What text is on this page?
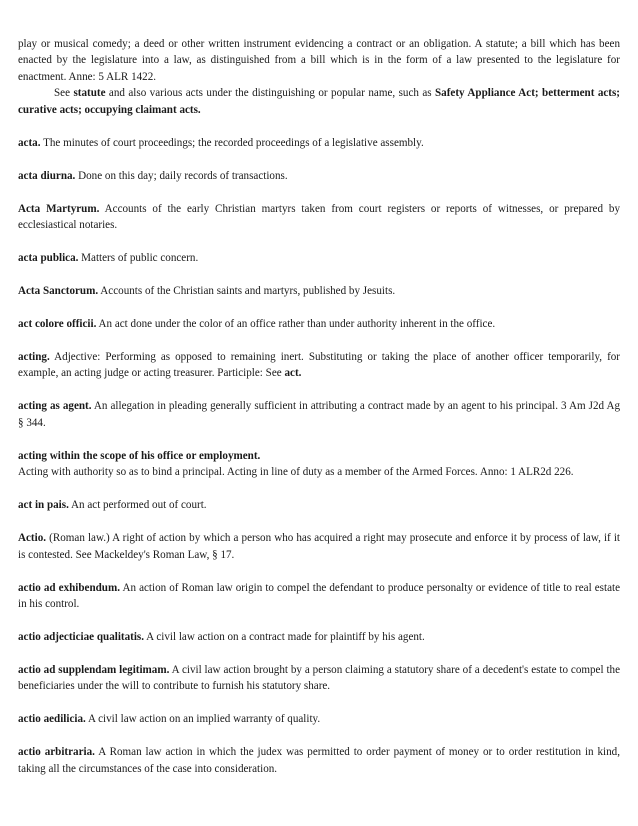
play or musical comedy; a deed or other written instrument evidencing a contract or an obligation. A statute; a bill which has been enacted by the legislature into a law, as distinguished from a bill which is in the form of a law presented to the legislature for enactment. Anne: 5 ALR 1422.

See statute and also various acts under the distinguishing or popular name, such as Safety Appliance Act; betterment acts; curative acts; occupying claimant acts.

acta. The minutes of court proceedings; the recorded proceedings of a legislative assembly.

acta diurna. Done on this day; daily records of transactions.

Acta Martyrum. Accounts of the early Christian martyrs taken from court registers or reports of witnesses, or prepared by ecclesiastical notaries.

acta publica. Matters of public concern.

Acta Sanctorum. Accounts of the Christian saints and martyrs, published by Jesuits.

act colore officii. An act done under the color of an office rather than under authority inherent in the office.

acting. Adjective: Performing as opposed to remaining inert. Substituting or taking the place of another officer temporarily, for example, an acting judge or acting treasurer. Participle: See act.

acting as agent. An allegation in pleading generally sufficient in attributing a contract made by an agent to his principal. 3 Am J2d Ag § 344.

acting within the scope of his office or employment.
Acting with authority so as to bind a principal. Acting in line of duty as a member of the Armed Forces. Anno: 1 ALR2d 226.

act in pais. An act performed out of court.

Actio. (Roman law.) A right of action by which a person who has acquired a right may prosecute and enforce it by process of law, if it is contested. See Mackeldey's Roman Law, § 17.

actio ad exhibendum. An action of Roman law origin to compel the defendant to produce personalty or evidence of title to real estate in his control.

actio adjecticiae qualitatis. A civil law action on a contract made for plaintiff by his agent.

actio ad supplendam legitimam. A civil law action brought by a person claiming a statutory share of a decedent's estate to compel the beneficiaries under the will to contribute to furnish his statutory share.

actio aedilicia. A civil law action on an implied warranty of quality.

actio arbitraria. A Roman law action in which the judex was permitted to order payment of money or to order restitution in kind, taking all the circumstances of the case into consideration.
